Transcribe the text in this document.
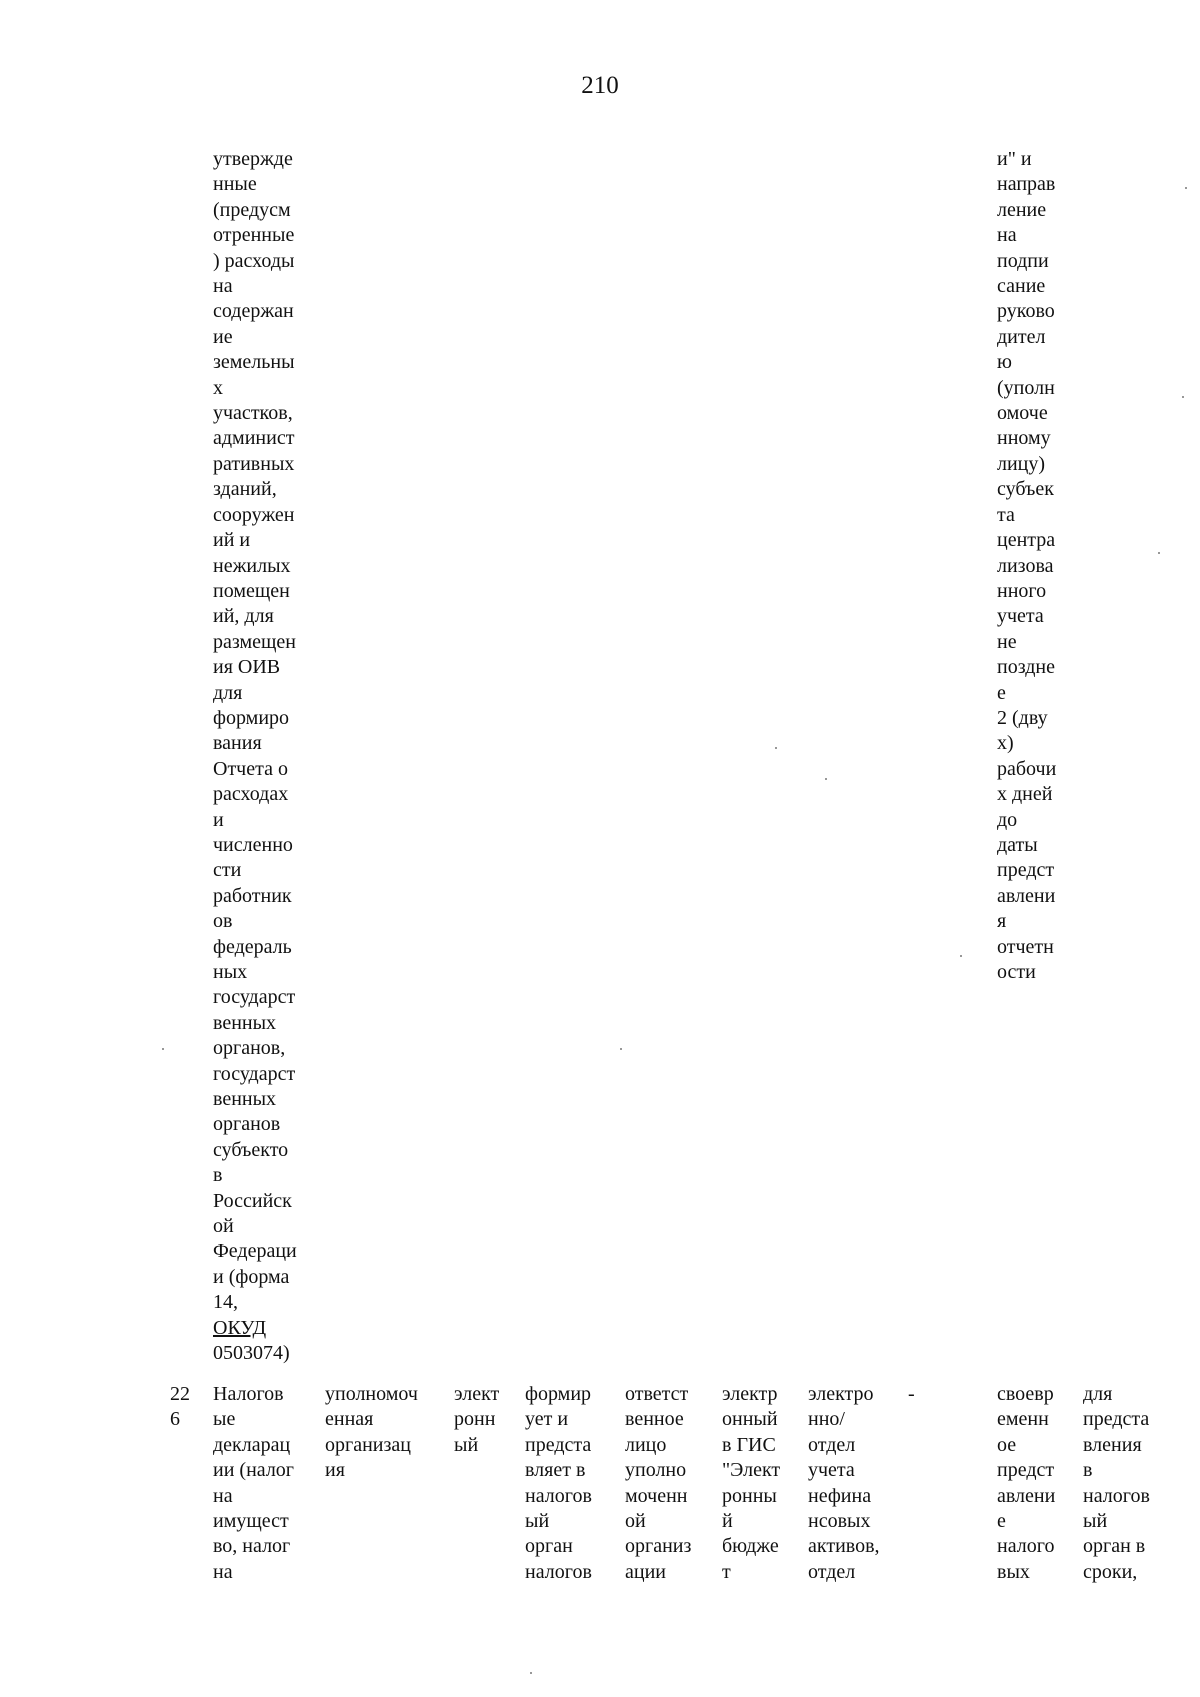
210
утвержде
нные
(предусм
отренные
) расходы
на
содержан
ие
земельны
х
участков,
админист
ративных
зданий,
сооружен
ий и
нежилых
помещен
ий, для
размещен
ия ОИВ
для
формиро
вания
Отчета о
расходах
и
численно
сти
работник
ов
федераль
ных
государст
венных
органов,
государст
венных
органов
субъекто
в
Российск
ой
Федераци
и (форма
14,
ОКУД
0503074)
и" и
направ
ление
на
подпи
сание
руково
дител
ю
(уполн
омоче
нному
лицу)
субъек
та
центра
лизова
нного
учета
не
поздне
е
2 (дву
х)
рабочи
х дней
до
даты
предст
авлени
я
отчетн
ости
22
6
Налогов
ые
декларац
ии (налог
на
имущест
во, налог
на
уполномоч
енная
организац
ия
элект
ронн
ый
формир
ует и
предста
вляет в
налогов
ый
орган
налогов
ответст
венное
лицо
уполно
моченн
ой
организ
ации
электр
онный
в ГИС
"Элект
ронны
й
бюдже
т
электро
нно/
отдел
учета
нефина
нсовых
активов,
отдел
-	своевр
еменн
ое
предст
авлени
е
налого
вых
для
предста
вления
в
налогов
ый
орган в
сроки,
